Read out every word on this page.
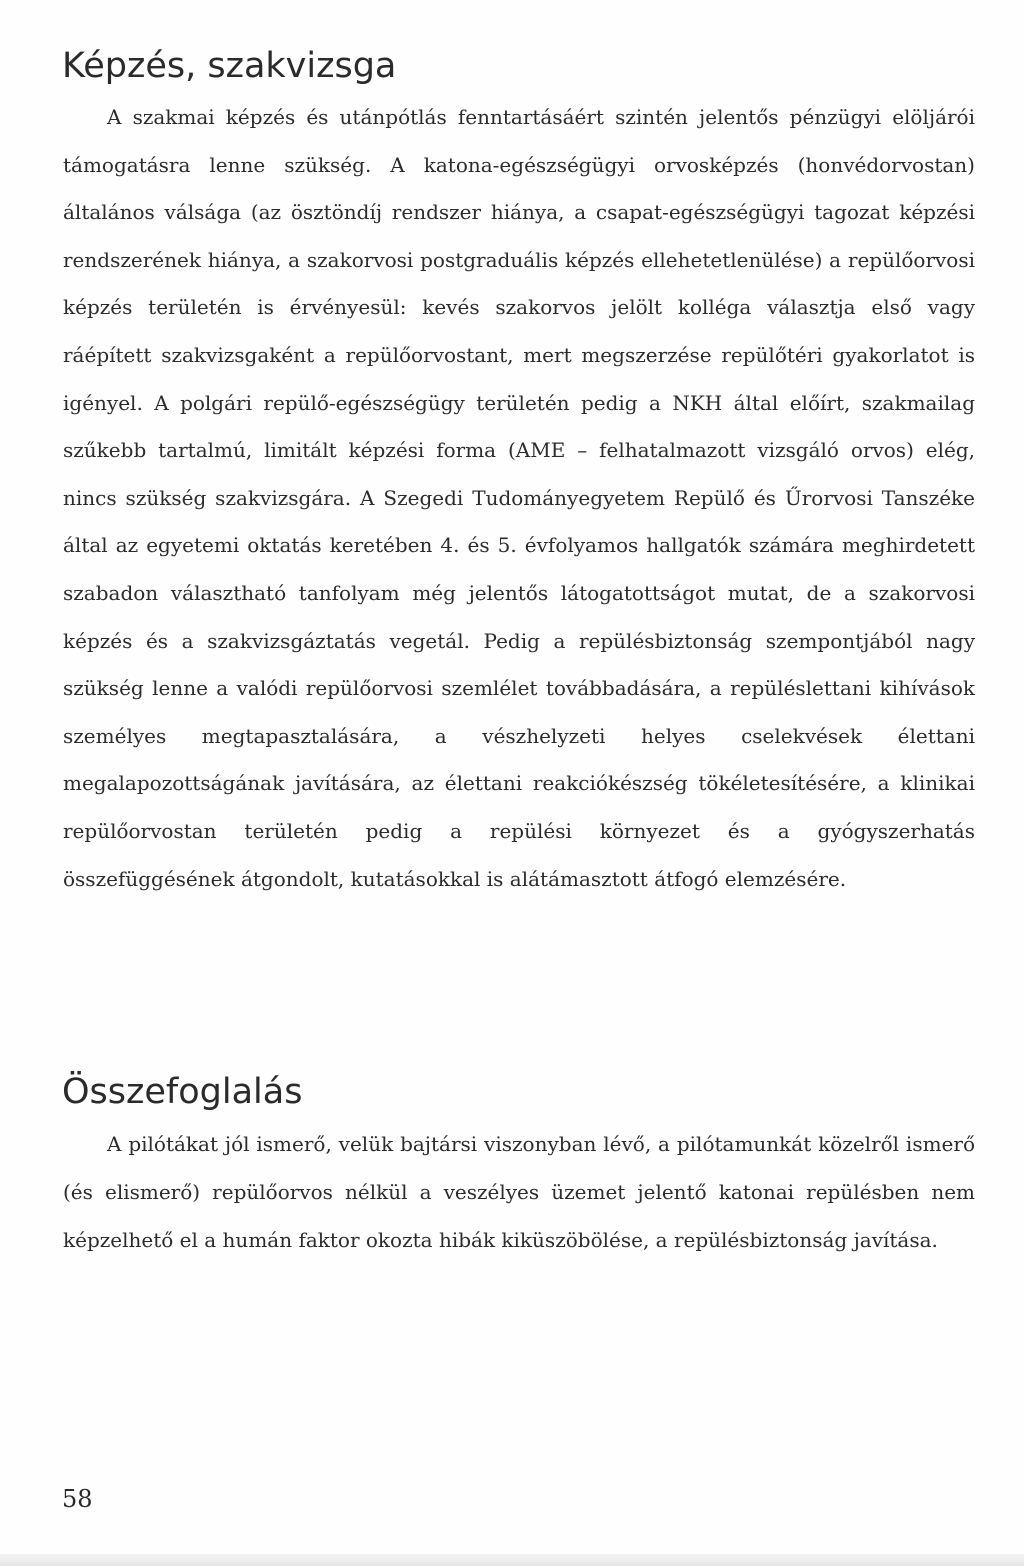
Képzés, szakvizsga

A szakmai képzés és utánpótlás fenntartásáért szintén jelentős pénzügyi elöljárói támogatásra lenne szükség. A katona-egészségügyi orvosképzés (honvédorvostan) általános válsága (az ösztöndíj rendszer hiánya, a csapat-egészségügyi tagozat képzési rendszerének hiánya, a szakorvosi postgraduális képzés ellehetetlenülése) a repülőorvosi képzés területén is érvényesül: kevés szakorvos jelölt kolléga választja első vagy ráépített szakvizsgaként a repülőorvostant, mert megszerzése repülőtéri gyakorlatot is igényel. A polgári repülő-egészségügy területén pedig a NKH által előírt, szakmailag szűkebb tartalmú, limitált képzési forma (AME – felhatalmazott vizsgáló orvos) elég, nincs szükség szakvizsgára. A Szegedi Tudományegyetem Repülő és Űrorvosi Tanszéke által az egyetemi oktatás keretében 4. és 5. évfolyamos hallgatók számára meghirdetett szabadon választható tanfolyam még jelentős látogatottságot mutat, de a szakorvosi képzés és a szakvizsgáztatás vegetál. Pedig a repülésbiztonság szempontjából nagy szükség lenne a valódi repülőorvosi szemlélet továbbadására, a repüléslettani kihívások személyes megtapasztalására, a vészhelyzeti helyes cselekvések élettani megalapozottságának javítására, az élettani reakciókészség tökéletesítésére, a klinikai repülőorvostan területén pedig a repülési környezet és a gyógyszerhatás összefüggésének átgondolt, kutatásokkal is alátámasztott átfogó elemzésére.

Összefoglalás

A pilótákat jól ismerő, velük bajtársi viszonyban lévő, a pilótamunkát közelről ismerő (és elismerő) repülőorvos nélkül a veszélyes üzemet jelentő katonai repülésben nem képzelhető el a humán faktor okozta hibák kiküszöbölése, a repülésbiztonság javítása.

58
